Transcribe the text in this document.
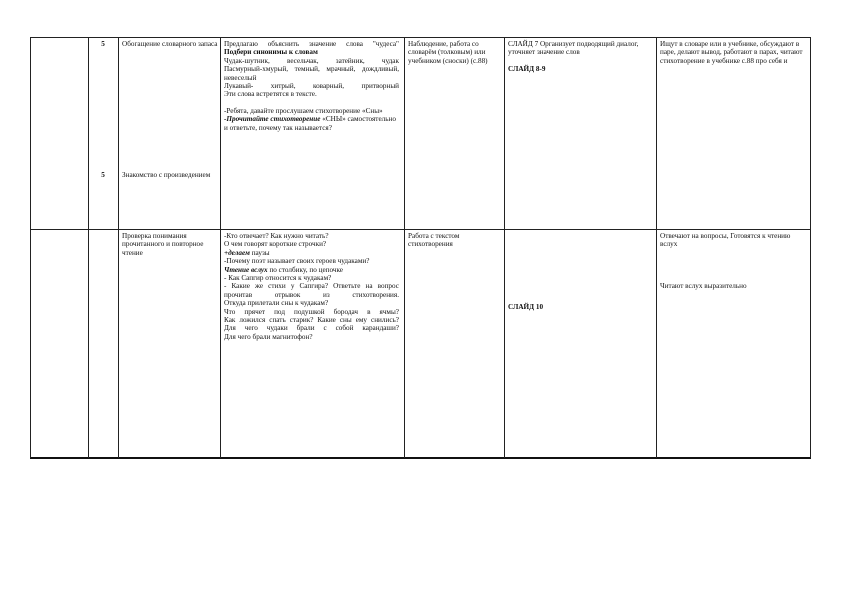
5
5
Обогащение словарного запаса
Знакомство с произведением
Предлагаю объяснить значение слова "чудеса"
Подбери синонимы к словам
Чудак-шутник, весельчак, затейник, чудак
Пасмурный-хмурый, темный, мрачный, дождливый, невеселый
Лукавый- хитрый, коварный, притворный
Эти слова встретятся в тексте.
-Ребята, давайте прослушаем стихотворение «Сны»
-Прочитайте стихотворение «СНЫ» самостоятельно и ответьте, почему так называется?
Наблюдение, работа со словарём (толковым) или учебником (сноски) (с.88)
СЛАЙД 7 Организует подводящий диалог, уточняет значение слов
СЛАЙД 8-9
Ищут в словаре или в учебнике, обсуждают в паре, делают вывод, работают в парах, читают стихотворение в учебнике с.88 про себя и
Проверка понимания прочитанного и повторное чтение
-Кто отвечает? Как нужно читать?
О чем говорят короткие строчки?
+делаем паузы
-Почему поэт называет своих героев чудаками?
Чтение вслух по столбику, по цепочке
- Как Сапгир относится к чудакам?
- Какие же стихи у Сапгира? Ответьте на вопрос прочитав отрывок из стихотворения.
Откуда прилетали сны к чудакам?
Что прячет под подушкой бородач в ячмы?
Как ложился спать старик? Какие сны ему снились?
Для чего чудаки брали с собой карандаши?
Для чего брали магнитофон?
Работа с текстом стихотворения
СЛАЙД 10
Отвечают на вопросы, Готовятся к чтению вслух
Читают вслух выразительно
